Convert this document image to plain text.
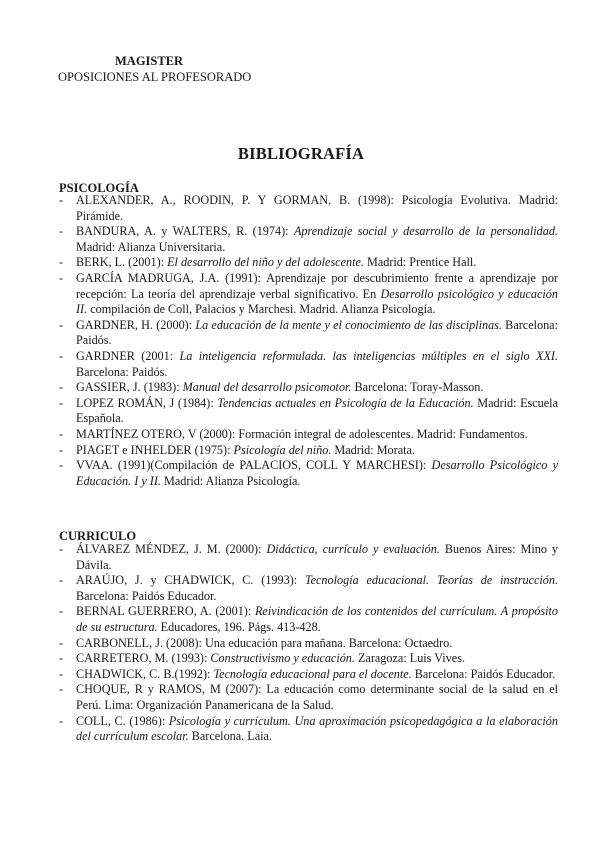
MAGISTER
OPOSICIONES AL PROFESORADO
BIBLIOGRAFÍA
PSICOLOGÍA

- ALEXANDER, A., ROODIN, P. Y GORMAN, B. (1998): Psicología Evolutiva. Madrid: Pirámide.

- BANDURA, A. y WALTERS, R. (1974): Aprendizaje social y desarrollo de la personalidad. Madrid: Alianza Universitaria.

- BERK, L. (2001): El desarrollo del niño y del adolescente. Madrid: Prentice Hall.

- GARCÍA MADRUGA, J.A. (1991): Aprendizaje por descubrimiento frente a aprendizaje por recepción: La teoría del aprendizaje verbal significativo. En Desarrollo psicológico y educación II. compilación de Coll, Palacios y Marchesi. Madrid. Alianza Psicología.

- GARDNER, H. (2000): La educación de la mente y el conocimiento de las disciplinas. Barcelona: Paidós.

- GARDNER (2001: La inteligencia reformulada. las inteligencias múltiples en el siglo XXI. Barcelona: Paidós.

- GASSIER, J. (1983): Manual del desarrollo psicomotor. Barcelona: Toray-Masson.

- LOPEZ ROMÁN, J (1984): Tendencias actuales en Psicología de la Educación. Madrid: Escuela Española.

- MARTÍNEZ OTERO, V (2000): Formación integral de adolescentes. Madrid: Fundamentos.

- PIAGET e INHELDER (1975): Psicología del niño. Madrid: Morata.

- VVAA. (1991)(Compilación de PALACIOS, COLL Y MARCHESI): Desarrollo Psicológico y Educación. I y II. Madrid: Alianza Psicología.

CURRICULO

- ÁLVAREZ MÉNDEZ, J. M. (2000): Didáctica, currículo y evaluación. Buenos Aires: Mino y Dávila.

- ARAÚJO, J. y CHADWICK, C. (1993): Tecnología educacional. Teorías de instrucción. Barcelona: Paidós Educador.

- BERNAL GUERRERO, A. (2001): Reivindicación de los contenidos del currículum. A propósito de su estructura. Educadores, 196. Págs. 413-428.

- CARBONELL, J. (2008): Una educación para mañana. Barcelona: Octaedro.

- CARRETERO, M. (1993): Constructivismo y educación. Zaragoza: Luis Vives.

- CHADWICK, C. B.(1992): Tecnología educacional para el docente. Barcelona: Paidós Educador.

- CHOQUE, R y RAMOS, M (2007): La educación como determinante social de la salud en el Perú. Lima: Organización Panamericana de la Salud.

- COLL, C. (1986): Psicología y currículum. Una aproximación psicopedagógica a la elaboración del currículum escolar. Barcelona. Laia.
